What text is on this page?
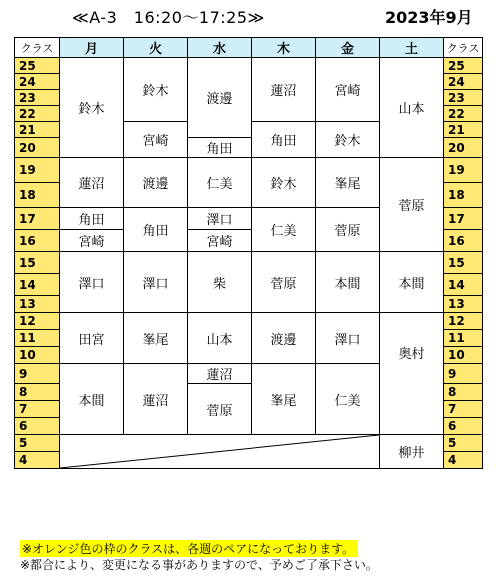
≪A-3　16:20～17:25≫	2023年9月
クラス	月	火	水	木	金	土	クラス
25	鈴木	鈴木	渡邊	蓮沼	宮崎	山本	25
24							24
23							23
22							22
21		宮崎		角田	鈴木		21
20			角田				20
19	蓮沼	渡邊	仁美	鈴木	峯尾	菅原	19
18							18
17	角田	角田	澤口	仁美	菅原		17
16	宮崎		宮崎				16
15	澤口	澤口	柴	菅原	本間	本間	15
14							14
13							13
12	田宮	峯尾	山本	渡邊	澤口	奥村	12
11							11
10							10
9	本間	蓮沼	蓮沼	峯尾	仁美		9
8			菅原				8
7							7
6							6
5						柳井	5
4							4
※オレンジ色の枠のクラスは、各週のペアになっております。
※都合により、変更になる事がありますので、予めご了承下さい。
